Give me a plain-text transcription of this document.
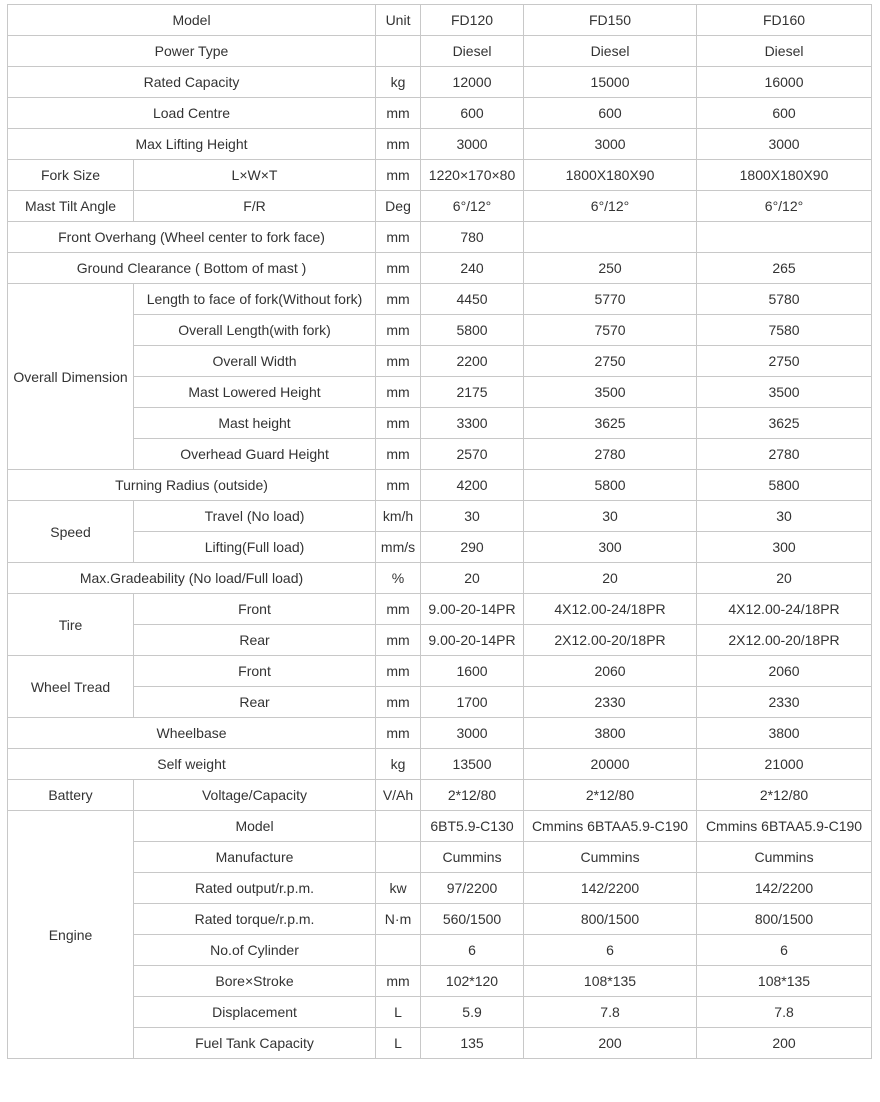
Model		Unit	FD120	FD150	FD160
Power Type			Diesel	Diesel	Diesel
Rated Capacity		kg	12000	15000	16000
Load Centre		mm	600	600	600
Max Lifting Height		mm	3000	3000	3000
Fork Size	L×W×T	mm	1220×170×80	1800X180X90	1800X180X90
Mast Tilt Angle	F/R	Deg	6°/12°	6°/12°	6°/12°
Front Overhang (Wheel center to fork face)		mm	780		
Ground Clearance ( Bottom of mast )		mm	240	250	265
Overall Dimension	Length to face of fork(Without fork)	mm	4450	5770	5780
	Overall Length(with fork)	mm	5800	7570	7580
	Overall Width	mm	2200	2750	2750
	Mast Lowered Height	mm	2175	3500	3500
	Mast height	mm	3300	3625	3625
	Overhead Guard Height	mm	2570	2780	2780
Turning Radius (outside)		mm	4200	5800	5800
Speed	Travel (No load)	km/h	30	30	30
	Lifting(Full load)	mm/s	290	300	300
Max.Gradeability (No load/Full load)		%	20	20	20
Tire	Front	mm	9.00-20-14PR	4X12.00-24/18PR	4X12.00-24/18PR
	Rear	mm	9.00-20-14PR	2X12.00-20/18PR	2X12.00-20/18PR
Wheel Tread	Front	mm	1600	2060	2060
	Rear	mm	1700	2330	2330
Wheelbase		mm	3000	3800	3800
Self weight		kg	13500	20000	21000
Battery	Voltage/Capacity	V/Ah	2*12/80	2*12/80	2*12/80
Engine	Model		6BT5.9-C130	Cmmins 6BTAA5.9-C190	Cmmins 6BTAA5.9-C190
	Manufacture		Cummins	Cummins	Cummins
	Rated output/r.p.m.	kw	97/2200	142/2200	142/2200
	Rated torque/r.p.m.	N·m	560/1500	800/1500	800/1500
	No.of Cylinder		6	6	6
	Bore×Stroke	mm	102*120	108*135	108*135
	Displacement	L	5.9	7.8	7.8
	Fuel Tank Capacity	L	135	200	200
